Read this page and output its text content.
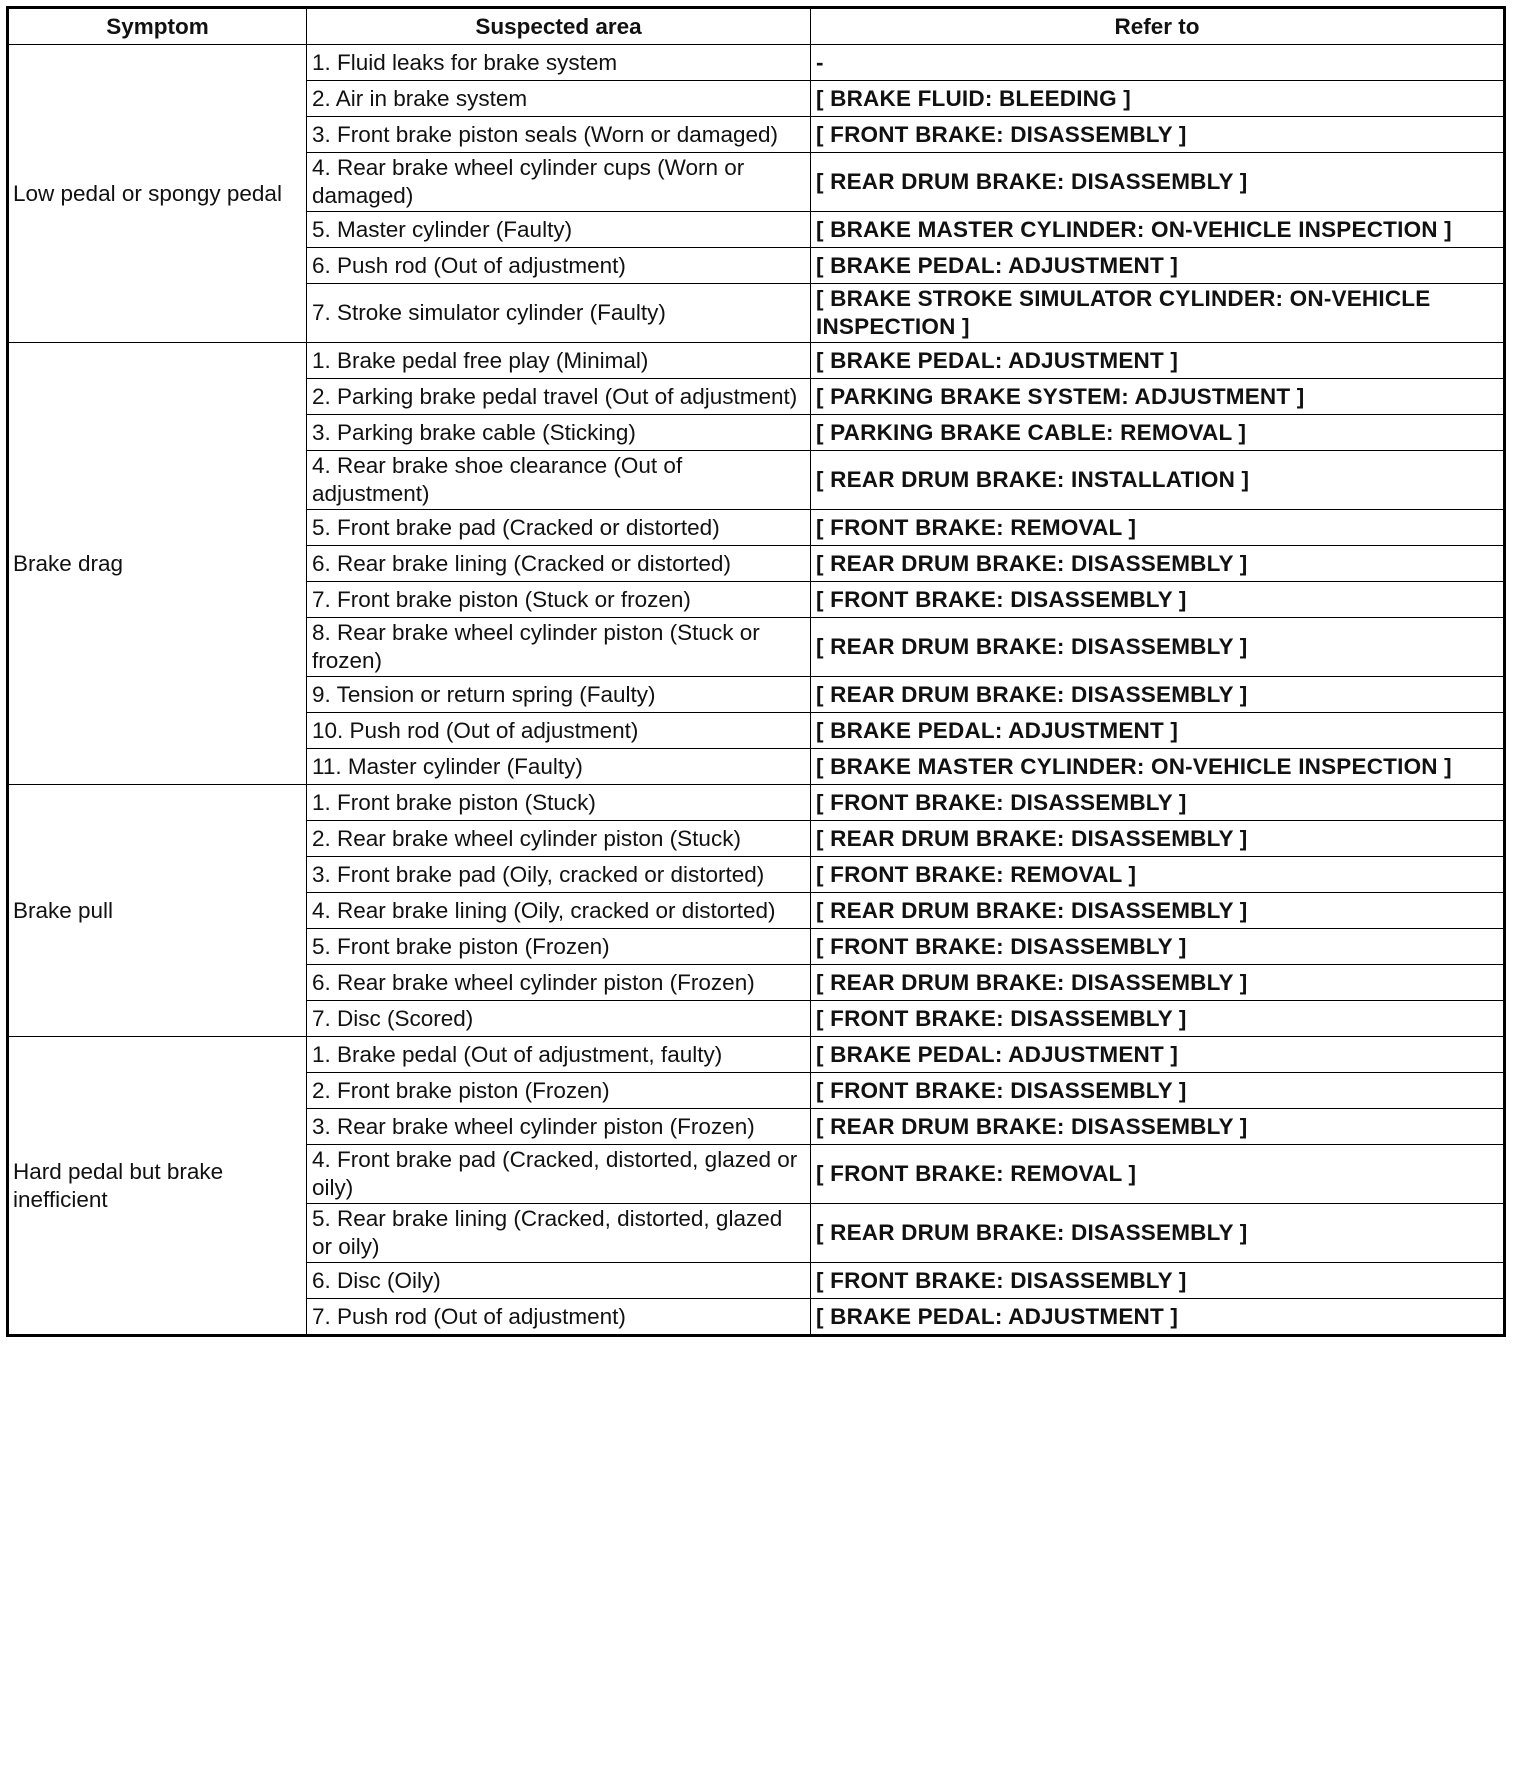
Symptom	Suspected area	Refer to
Low pedal or spongy pedal	1. Fluid leaks for brake system	-
	2. Air in brake system	[ BRAKE FLUID: BLEEDING ]
	3. Front brake piston seals (Worn or damaged)	[ FRONT BRAKE: DISASSEMBLY ]
	4. Rear brake wheel cylinder cups (Worn or damaged)	[ REAR DRUM BRAKE: DISASSEMBLY ]
	5. Master cylinder (Faulty)	[ BRAKE MASTER CYLINDER: ON-VEHICLE INSPECTION ]
	6. Push rod (Out of adjustment)	[ BRAKE PEDAL: ADJUSTMENT ]
	7. Stroke simulator cylinder (Faulty)	[ BRAKE STROKE SIMULATOR CYLINDER: ON-VEHICLE INSPECTION ]
Brake drag	1. Brake pedal free play (Minimal)	[ BRAKE PEDAL: ADJUSTMENT ]
	2. Parking brake pedal travel (Out of adjustment)	[ PARKING BRAKE SYSTEM: ADJUSTMENT ]
	3. Parking brake cable (Sticking)	[ PARKING BRAKE CABLE: REMOVAL ]
	4. Rear brake shoe clearance (Out of adjustment)	[ REAR DRUM BRAKE: INSTALLATION ]
	5. Front brake pad (Cracked or distorted)	[ FRONT BRAKE: REMOVAL ]
	6. Rear brake lining (Cracked or distorted)	[ REAR DRUM BRAKE: DISASSEMBLY ]
	7. Front brake piston (Stuck or frozen)	[ FRONT BRAKE: DISASSEMBLY ]
	8. Rear brake wheel cylinder piston (Stuck or frozen)	[ REAR DRUM BRAKE: DISASSEMBLY ]
	9. Tension or return spring (Faulty)	[ REAR DRUM BRAKE: DISASSEMBLY ]
	10. Push rod (Out of adjustment)	[ BRAKE PEDAL: ADJUSTMENT ]
	11. Master cylinder (Faulty)	[ BRAKE MASTER CYLINDER: ON-VEHICLE INSPECTION ]
Brake pull	1. Front brake piston (Stuck)	[ FRONT BRAKE: DISASSEMBLY ]
	2. Rear brake wheel cylinder piston (Stuck)	[ REAR DRUM BRAKE: DISASSEMBLY ]
	3. Front brake pad (Oily, cracked or distorted)	[ FRONT BRAKE: REMOVAL ]
	4. Rear brake lining (Oily, cracked or distorted)	[ REAR DRUM BRAKE: DISASSEMBLY ]
	5. Front brake piston (Frozen)	[ FRONT BRAKE: DISASSEMBLY ]
	6. Rear brake wheel cylinder piston (Frozen)	[ REAR DRUM BRAKE: DISASSEMBLY ]
	7. Disc (Scored)	[ FRONT BRAKE: DISASSEMBLY ]
Hard pedal but brake inefficient	1. Brake pedal (Out of adjustment, faulty)	[ BRAKE PEDAL: ADJUSTMENT ]
	2. Front brake piston (Frozen)	[ FRONT BRAKE: DISASSEMBLY ]
	3. Rear brake wheel cylinder piston (Frozen)	[ REAR DRUM BRAKE: DISASSEMBLY ]
	4. Front brake pad (Cracked, distorted, glazed or oily)	[ FRONT BRAKE: REMOVAL ]
	5. Rear brake lining (Cracked, distorted, glazed or oily)	[ REAR DRUM BRAKE: DISASSEMBLY ]
	6. Disc (Oily)	[ FRONT BRAKE: DISASSEMBLY ]
	7. Push rod (Out of adjustment)	[ BRAKE PEDAL: ADJUSTMENT ]
